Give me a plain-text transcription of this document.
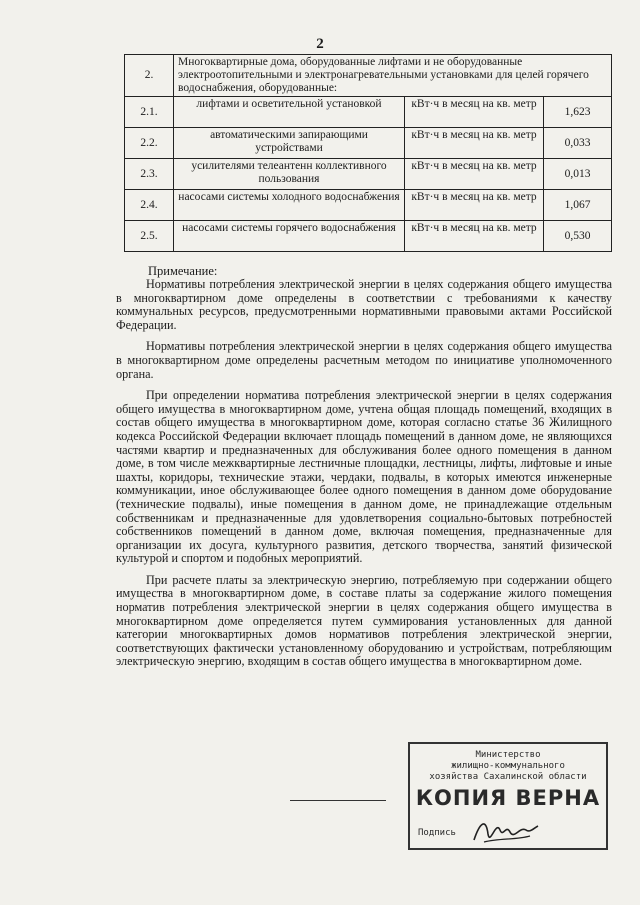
2
2.	Многоквартирные дома, оборудованные лифтами и не оборудованные электроотопительными и электронагревательными установками для целей горячего водоснабжения, оборудованные:		
2.1.	лифтами и осветительной установкой	кВт·ч в месяц на кв. метр	1,623
2.2.	автоматическими запирающими устройствами	кВт·ч в месяц на кв. метр	0,033
2.3.	усилителями телеантенн коллективного пользования	кВт·ч в месяц на кв. метр	0,013
2.4.	насосами системы холодного водоснабжения	кВт·ч в месяц на кв. метр	1,067
2.5.	насосами системы горячего водоснабжения	кВт·ч в месяц на кв. метр	0,530
Примечание:

Нормативы потребления электрической энергии в целях содержания общего имущества в многоквартирном доме определены в соответствии с требованиями к качеству коммунальных ресурсов, предусмотренными нормативными правовыми актами Российской Федерации.

Нормативы потребления электрической энергии в целях содержания общего имущества в многоквартирном доме определены расчетным методом по инициативе уполномоченного органа.

При определении норматива потребления электрической энергии в целях содержания общего имущества в многоквартирном доме, учтена общая площадь помещений, входящих в состав общего имущества в многоквартирном доме, которая согласно статье 36 Жилищного кодекса Российской Федерации включает площадь помещений в данном доме, не являющихся частями квартир и предназначенных для обслуживания более одного помещения в данном доме, в том числе межквартирные лестничные площадки, лестницы, лифты, лифтовые и иные шахты, коридоры, технические этажи, чердаки, подвалы, в которых имеются инженерные коммуникации, иное обслуживающее более одного помещения в данном доме оборудование (технические подвалы), иные помещения в данном доме, не принадлежащие отдельным собственникам и предназначенные для удовлетворения социально-бытовых потребностей собственников помещений в данном доме, включая помещения, предназначенные для организации их досуга, культурного развития, детского творчества, занятий физической культурой и спортом и подобных мероприятий.

При расчете платы за электрическую энергию, потребляемую при содержании общего имущества в многоквартирном доме, в составе платы за содержание жилого помещения норматив потребления электрической энергии в целях содержания общего имущества в многоквартирном доме определяется путем суммирования установленных для данной категории многоквартирных домов нормативов потребления электрической энергии, соответствующих фактически установленному оборудованию и устройствам, потребляющим электрическую энергию, входящим в состав общего имущества в многоквартирном доме.

Министерство
жилищно-коммунального
хозяйства Сахалинской области
КОПИЯ ВЕРНА
Подпись
